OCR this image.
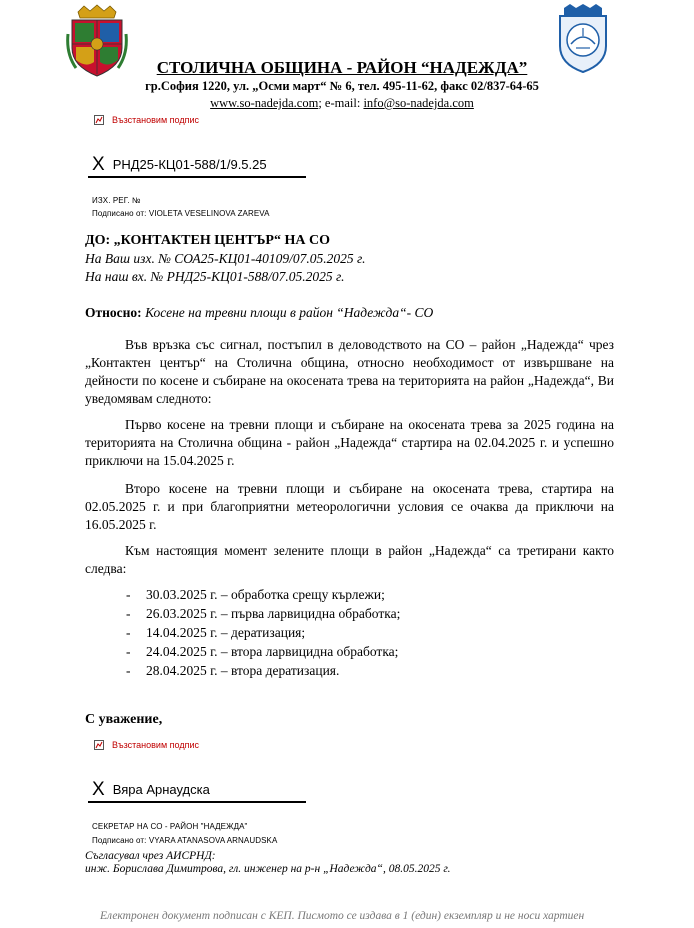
СТОЛИЧНА ОБЩИНА - РАЙОН “НАДЕЖДА”
гр.София 1220, ул. „Осми март“ № 6, тел. 495-11-62, факс 02/837-64-65
www.so-nadejda.com; e-mail: info@so-nadejda.com
Възстановим подпис
X РНД25-КЦ01-588/1/9.5.25
ИЗХ. РЕГ. №
Подписано от: VIOLETA VESELINOVA ZAREVA
ДО: „КОНТАКТЕН ЦЕНТЪР“ НА СО
На Ваш изх. № СОА25-КЦ01-40109/07.05.2025 г.
На наш вх. № РНД25-КЦ01-588/07.05.2025 г.
Относно: Косене на тревни площи в район “Надежда“- СО
Във връзка със сигнал, постъпил в деловодството на СО – район „Надежда“ чрез „Контактен център“ на Столична община, относно необходимост от извършване на дейности по косене и събиране на окосената трева на територията на район „Надежда“, Ви уведомявам следното:
Първо косене на тревни площи и събиране на окосената трева за 2025 година на територията на Столична община - район „Надежда“ стартира на 02.04.2025 г. и успешно приключи на 15.04.2025 г.
Второ косене на тревни площи и събиране на окосената трева, стартира на 02.05.2025 г. и при благоприятни метеорологични условия се очаква да приключи на 16.05.2025 г.
Към настоящия момент зелените площи в район „Надежда“ са третирани както следва:
-	30.03.2025 г. – обработка срещу кърлежи;
-	26.03.2025 г. – първа ларвицидна обработка;
-	14.04.2025 г. – дератизация;
-	24.04.2025 г. – втора ларвицидна обработка;
-	28.04.2025 г. – втора дератизация.
С уважение,
Възстановим подпис
X Вяра Арнаудска
СЕКРЕТАР НА СО - РАЙОН "НАДЕЖДА"
Подписано от: VYARA ATANASOVA ARNAUDSKA
Съгласувал чрез АИСРНД:
инж. Бориславa Димитрова, гл. инженер на р-н „Надежда“, 08.05.2025 г.
Електронен документ подписан с КЕП. Писмото се издава в 1 (един) екземпляр и не носи хартиен
